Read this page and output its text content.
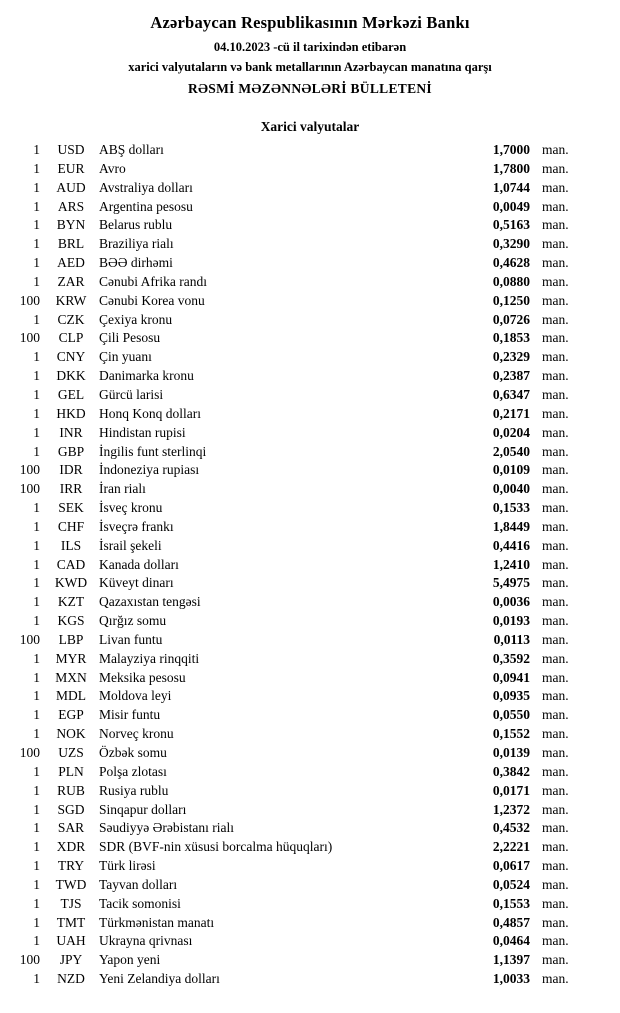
Azərbaycan Respublikasının Mərkəzi Bankı
04.10.2023 -cü il tarixindən etibarən
xarici valyutaların və bank metallarının Azərbaycan manatına qarşı
RƏSMİ MƏZƏNNƏLƏRİ BÜLLETENİ
Xarici valyutalar
1	USD	ABŞ dolları	1,7000 man.
1	EUR	Avro	1,7800 man.
1	AUD Avstraliya dolları	1,0744 man.
1	ARS	Argentina pesosu	0,0049 man.
1	BYN	Belarus rublu	0,5163 man.
1	BRL	Braziliya rialı	0,3290 man.
1	AED	BƏƏ dirhəmi	0,4628 man.
1	ZAR	Cənubi Afrika randı	0,0880 man.
100	KRW Cənubi Korea vonu	0,1250 man.
1	CZK	Çexiya kronu	0,0726 man.
100	CLP	Çili Pesosu	0,1853 man.
1	CNY	Çin yuanı	0,2329 man.
1	DKK Danimarka kronu	0,2387 man.
1	GEL	Gürcü larisi	0,6347 man.
1	HKD Honq Konq dolları	0,2171 man.
1	INR	Hindistan rupisi	0,0204 man.
1	GBP	İngilis funt sterlinqi	2,0540 man.
100	IDR	İndoneziya rupiası	0,0109 man.
100	IRR	İran rialı	0,0040 man.
1	SEK	İsveç kronu	0,1533 man.
1	CHF	İsveçrə frankı	1,8449 man.
1	ILS	İsrail şekeli	0,4416 man.
1	CAD	Kanada dolları	1,2410 man.
1	KWD Küveyt dinarı	5,4975 man.
1	KZT	Qazaxıstan tengəsi	0,0036 man.
1	KGS	Qırğız somu	0,0193 man.
100	LBP	Livan funtu	0,0113 man.
1	MYR Malayziya rinqqiti	0,3592 man.
1	MXN Meksika pesosu	0,0941 man.
1	MDL Moldova leyi	0,0935 man.
1	EGP	Misir funtu	0,0550 man.
1	NOK Norveç kronu	0,1552 man.
100	UZS	Özbək somu	0,0139 man.
1	PLN	Polşa zlotası	0,3842 man.
1	RUB	Rusiya rublu	0,0171 man.
1	SGD	Sinqapur dolları	1,2372 man.
1	SAR	Səudiyyə Ərəbistanı rialı	0,4532 man.
1	XDR	SDR (BVF-nin xüsusi borcalma hüquqları)	2,2221 man.
1	TRY	Türk lirəsi	0,0617 man.
1	TWD Tayvan dolları	0,0524 man.
1	TJS	Tacik somonisi	0,1553 man.
1	TMT	Türkmənistan manatı	0,4857 man.
1	UAH Ukrayna qrivnası	0,0464 man.
100	JPY	Yapon yeni	1,1397 man.
1	NZD	Yeni Zelandiya dolları	1,0033 man.
